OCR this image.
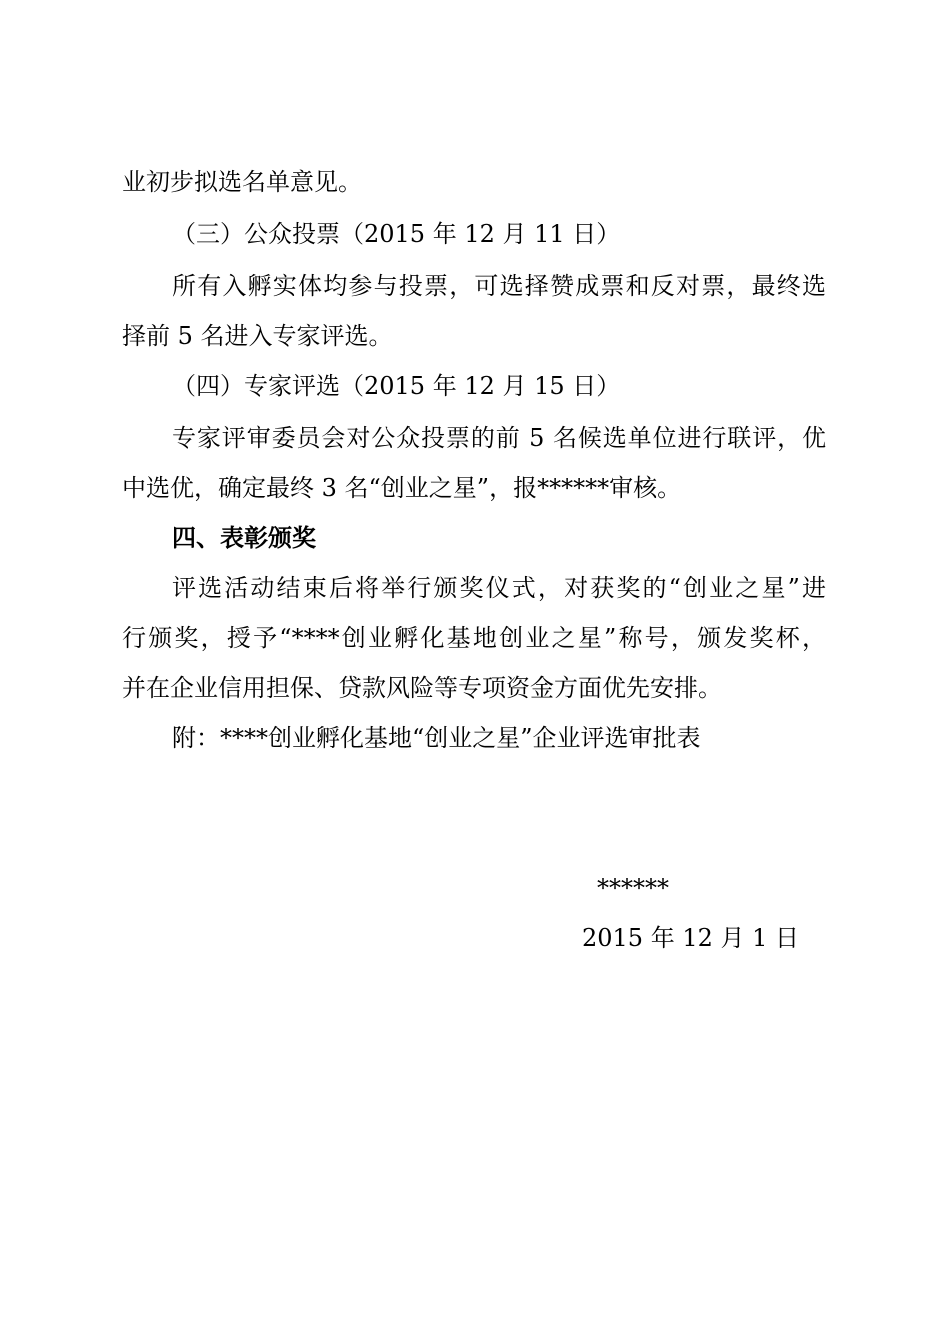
业初步拟选名单意见。
（三）公众投票（2015 年 12 月 11 日）
所有入孵实体均参与投票，可选择赞成票和反对票，最终选
择前 5 名进入专家评选。
（四）专家评选（2015 年 12 月 15 日）
专家评审委员会对公众投票的前 5 名候选单位进行联评，优
中选优，确定最终 3 名“创业之星”，报******审核。
四、表彰颁奖
评选活动结束后将举行颁奖仪式，对获奖的“创业之星”进
行颁奖，授予“****创业孵化基地创业之星”称号，颁发奖杯，
并在企业信用担保、贷款风险等专项资金方面优先安排。
附：****创业孵化基地“创业之星”企业评选审批表
******
2015 年 12 月 1 日
